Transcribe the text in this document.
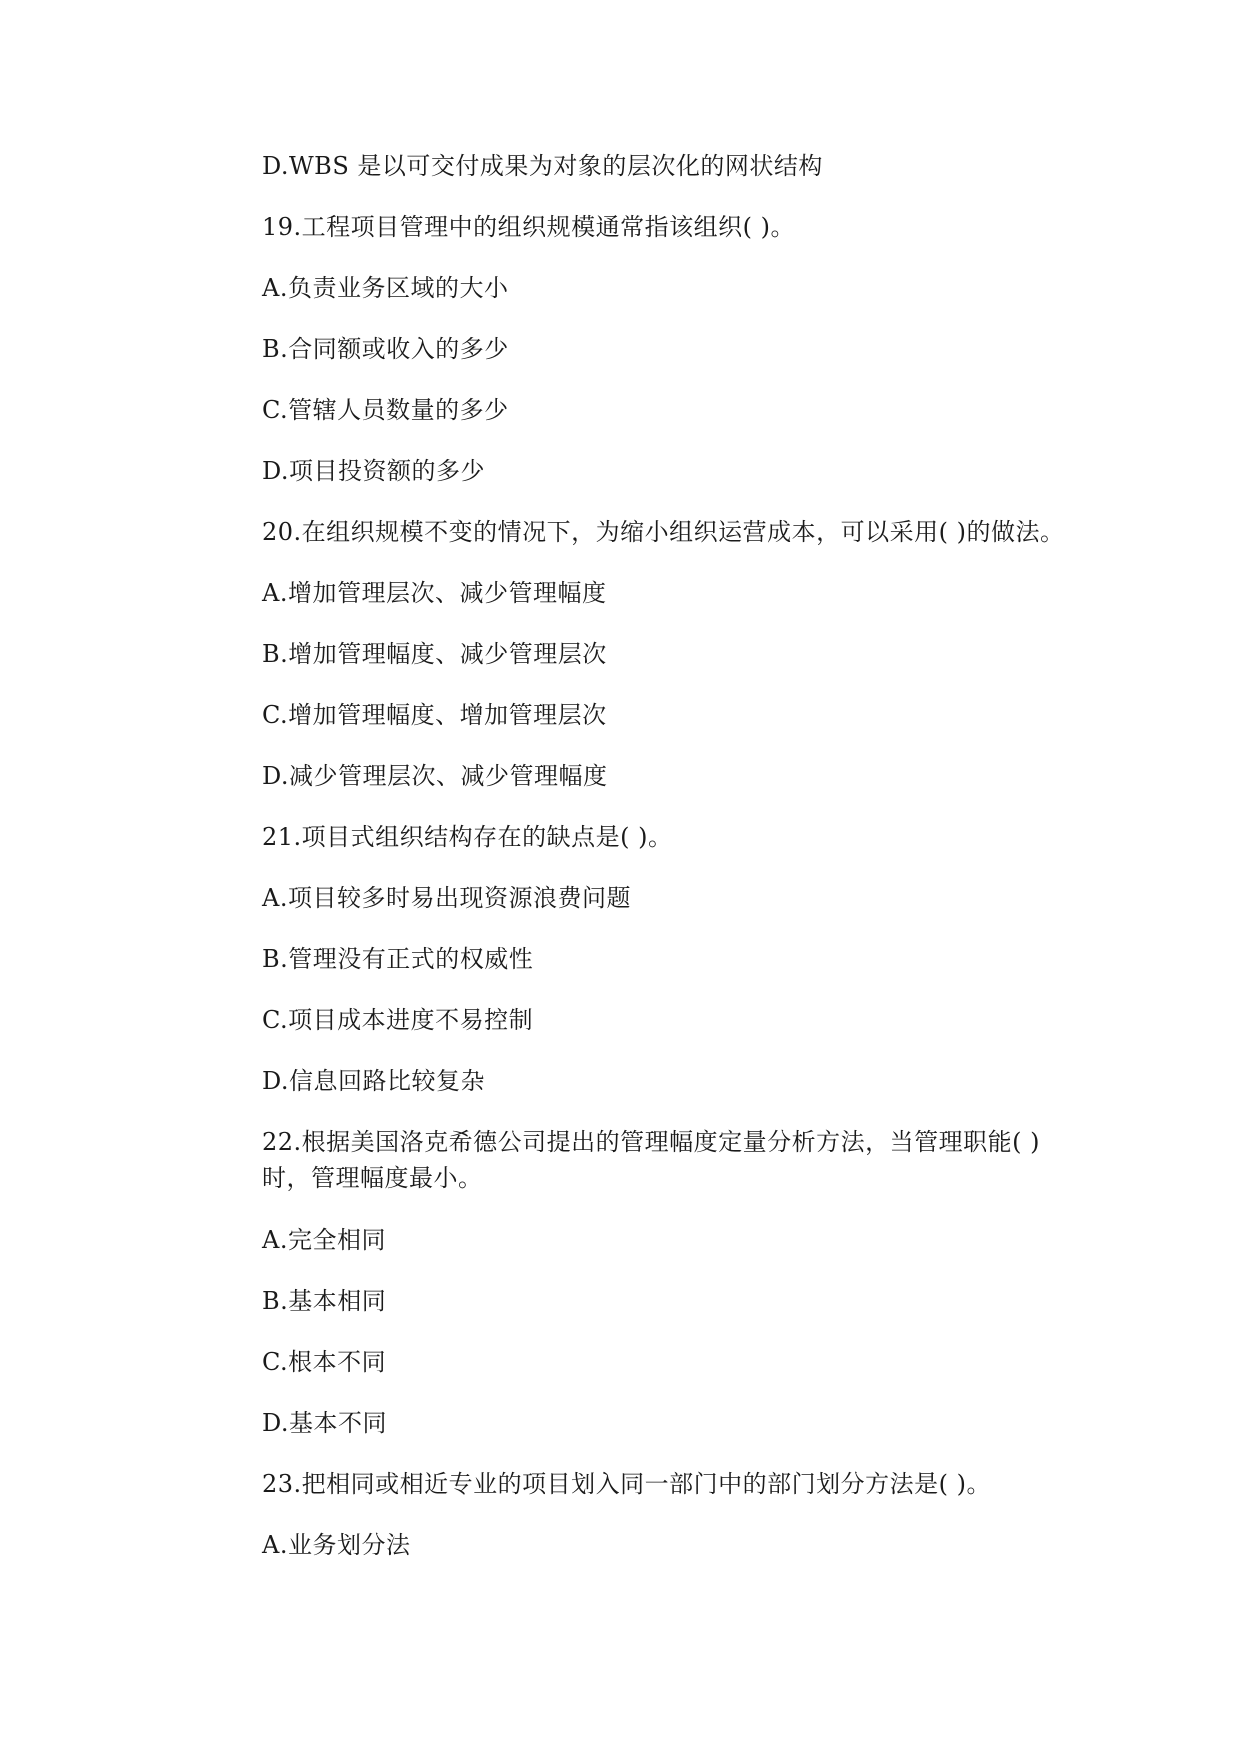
D.WBS 是以可交付成果为对象的层次化的网状结构
19.工程项目管理中的组织规模通常指该组织( )。
A.负责业务区域的大小
B.合同额或收入的多少
C.管辖人员数量的多少
D.项目投资额的多少
20.在组织规模不变的情况下，为缩小组织运营成本，可以采用( )的做法。
A.增加管理层次、减少管理幅度
B.增加管理幅度、减少管理层次
C.增加管理幅度、增加管理层次
D.减少管理层次、减少管理幅度
21.项目式组织结构存在的缺点是( )。
A.项目较多时易出现资源浪费问题
B.管理没有正式的权威性
C.项目成本进度不易控制
D.信息回路比较复杂
22.根据美国洛克希德公司提出的管理幅度定量分析方法，当管理职能( )
时，管理幅度最小。
A.完全相同
B.基本相同
C.根本不同
D.基本不同
23.把相同或相近专业的项目划入同一部门中的部门划分方法是( )。
A.业务划分法
